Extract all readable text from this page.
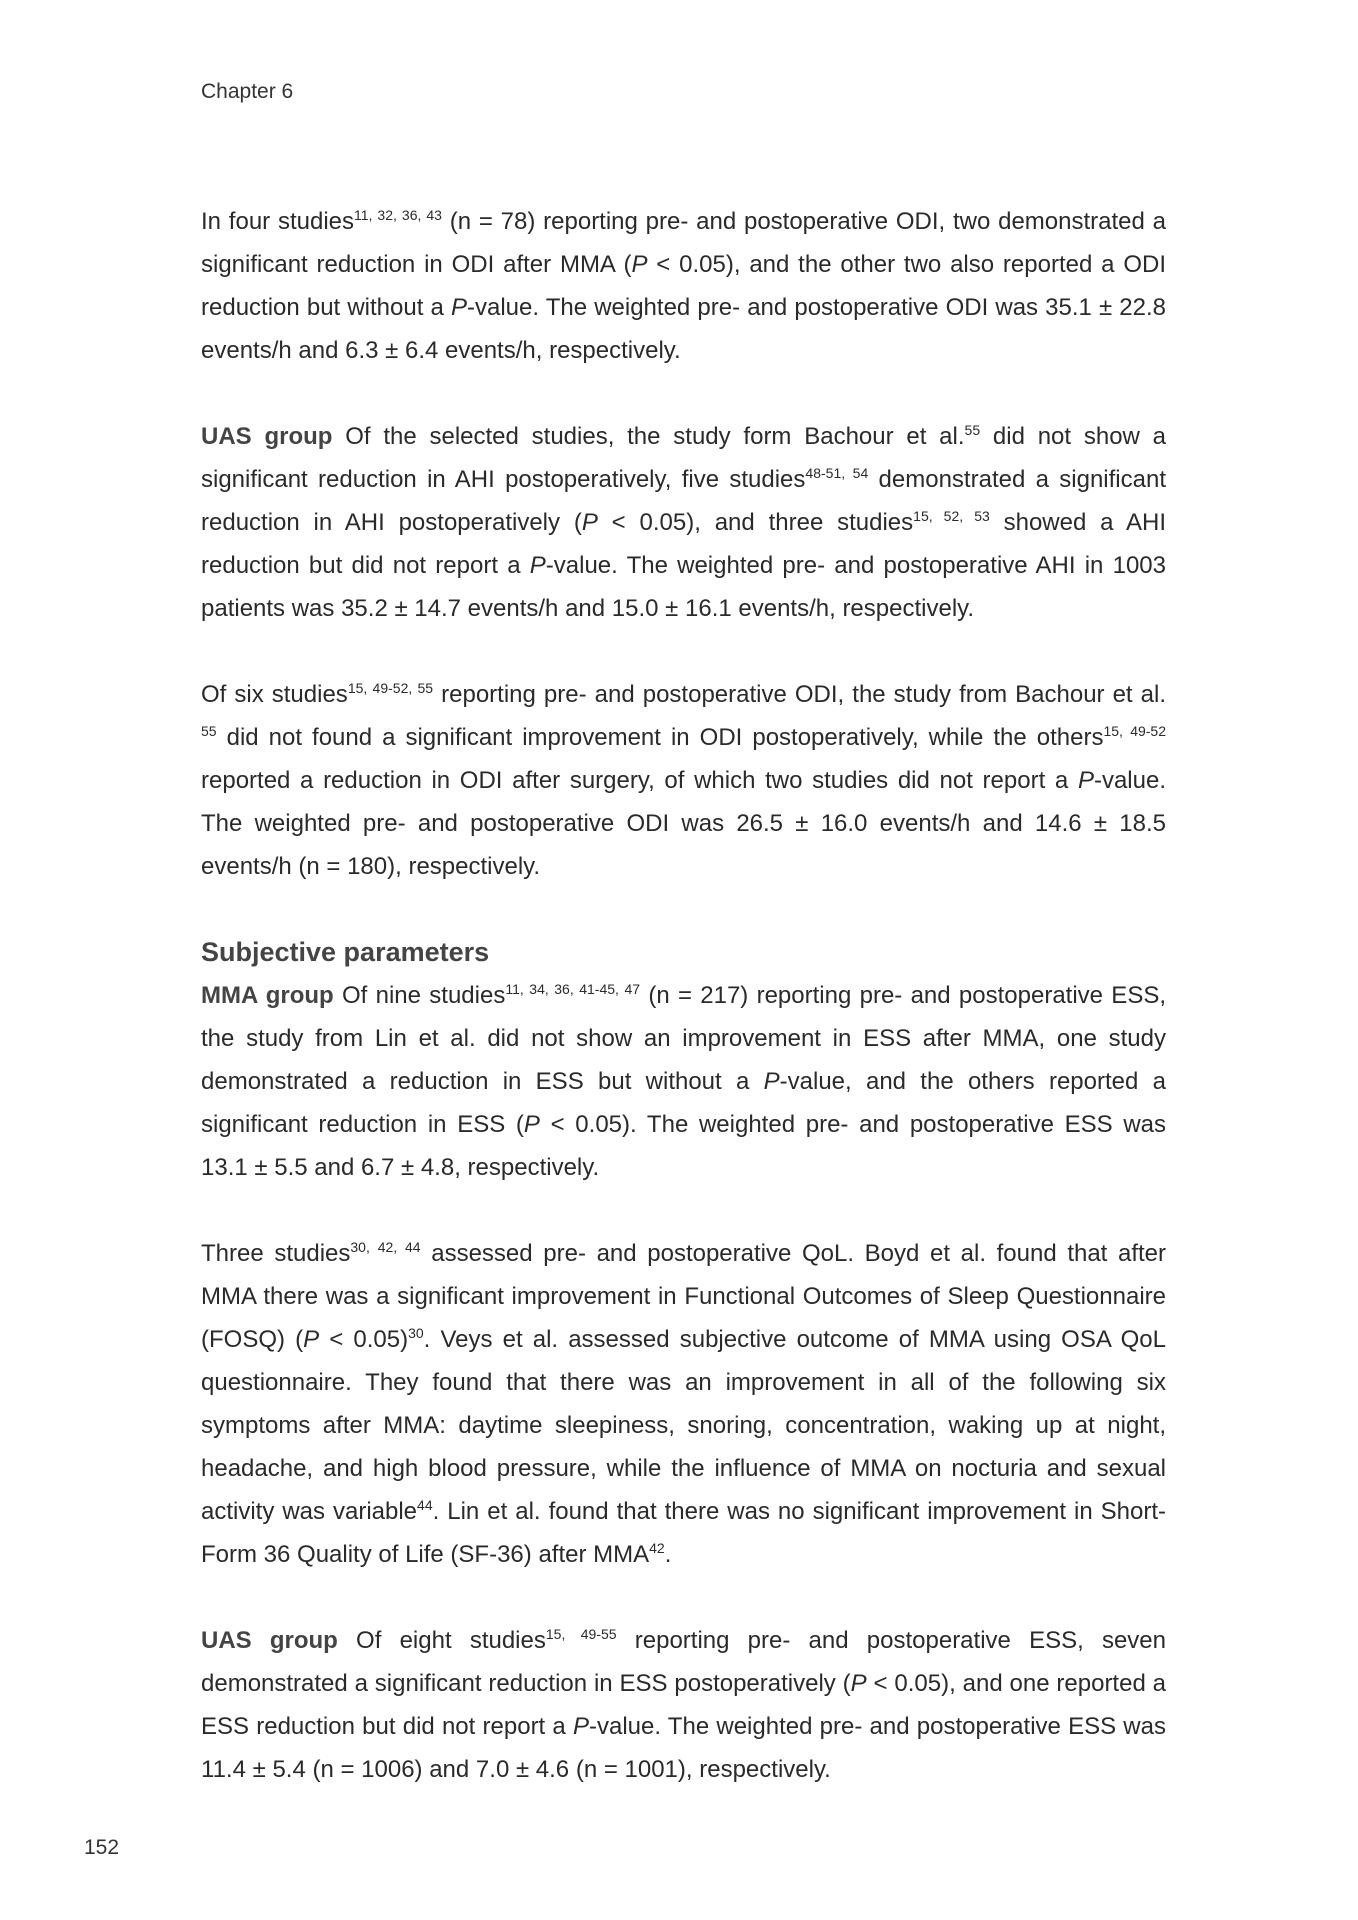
Chapter 6

In four studies$^{11, 32, 36, 43}$ (n = 78) reporting pre- and postoperative ODI, two demonstrated a significant reduction in ODI after MMA (P < 0.05), and the other two also reported a ODI reduction but without a P-value. The weighted pre- and postoperative ODI was 35.1 ± 22.8 events/h and 6.3 ± 6.4 events/h, respectively.

UAS group Of the selected studies, the study form Bachour et al.$^{55}$ did not show a significant reduction in AHI postoperatively, five studies$^{48-51, 54}$ demonstrated a significant reduction in AHI postoperatively (P < 0.05), and three studies$^{15, 52, 53}$ showed a AHI reduction but did not report a P-value. The weighted pre- and postoperative AHI in 1003 patients was 35.2 ± 14.7 events/h and 15.0 ± 16.1 events/h, respectively.

Of six studies$^{15, 49-52, 55}$ reporting pre- and postoperative ODI, the study from Bachour et al. $^{55}$ did not found a significant improvement in ODI postoperatively, while the others$^{15, 49-52}$ reported a reduction in ODI after surgery, of which two studies did not report a P-value. The weighted pre- and postoperative ODI was 26.5 ± 16.0 events/h and 14.6 ± 18.5 events/h (n = 180), respectively.

Subjective parameters

MMA group Of nine studies$^{11, 34, 36, 41-45, 47}$ (n = 217) reporting pre- and postoperative ESS, the study from Lin et al. did not show an improvement in ESS after MMA, one study demonstrated a reduction in ESS but without a P-value, and the others reported a significant reduction in ESS (P < 0.05). The weighted pre- and postoperative ESS was 13.1 ± 5.5 and 6.7 ± 4.8, respectively.

Three studies$^{30, 42, 44}$ assessed pre- and postoperative QoL. Boyd et al. found that after MMA there was a significant improvement in Functional Outcomes of Sleep Questionnaire (FOSQ) (P < 0.05)$^{30}$. Veys et al. assessed subjective outcome of MMA using OSA QoL questionnaire. They found that there was an improvement in all of the following six symptoms after MMA: daytime sleepiness, snoring, concentration, waking up at night, headache, and high blood pressure, while the influence of MMA on nocturia and sexual activity was variable$^{44}$. Lin et al. found that there was no significant improvement in Short-Form 36 Quality of Life (SF-36) after MMA$^{42}$.

UAS group Of eight studies$^{15, 49-55}$ reporting pre- and postoperative ESS, seven demonstrated a significant reduction in ESS postoperatively (P < 0.05), and one reported a ESS reduction but did not report a P-value. The weighted pre- and postoperative ESS was 11.4 ± 5.4 (n = 1006) and 7.0 ± 4.6 (n = 1001), respectively.

152
